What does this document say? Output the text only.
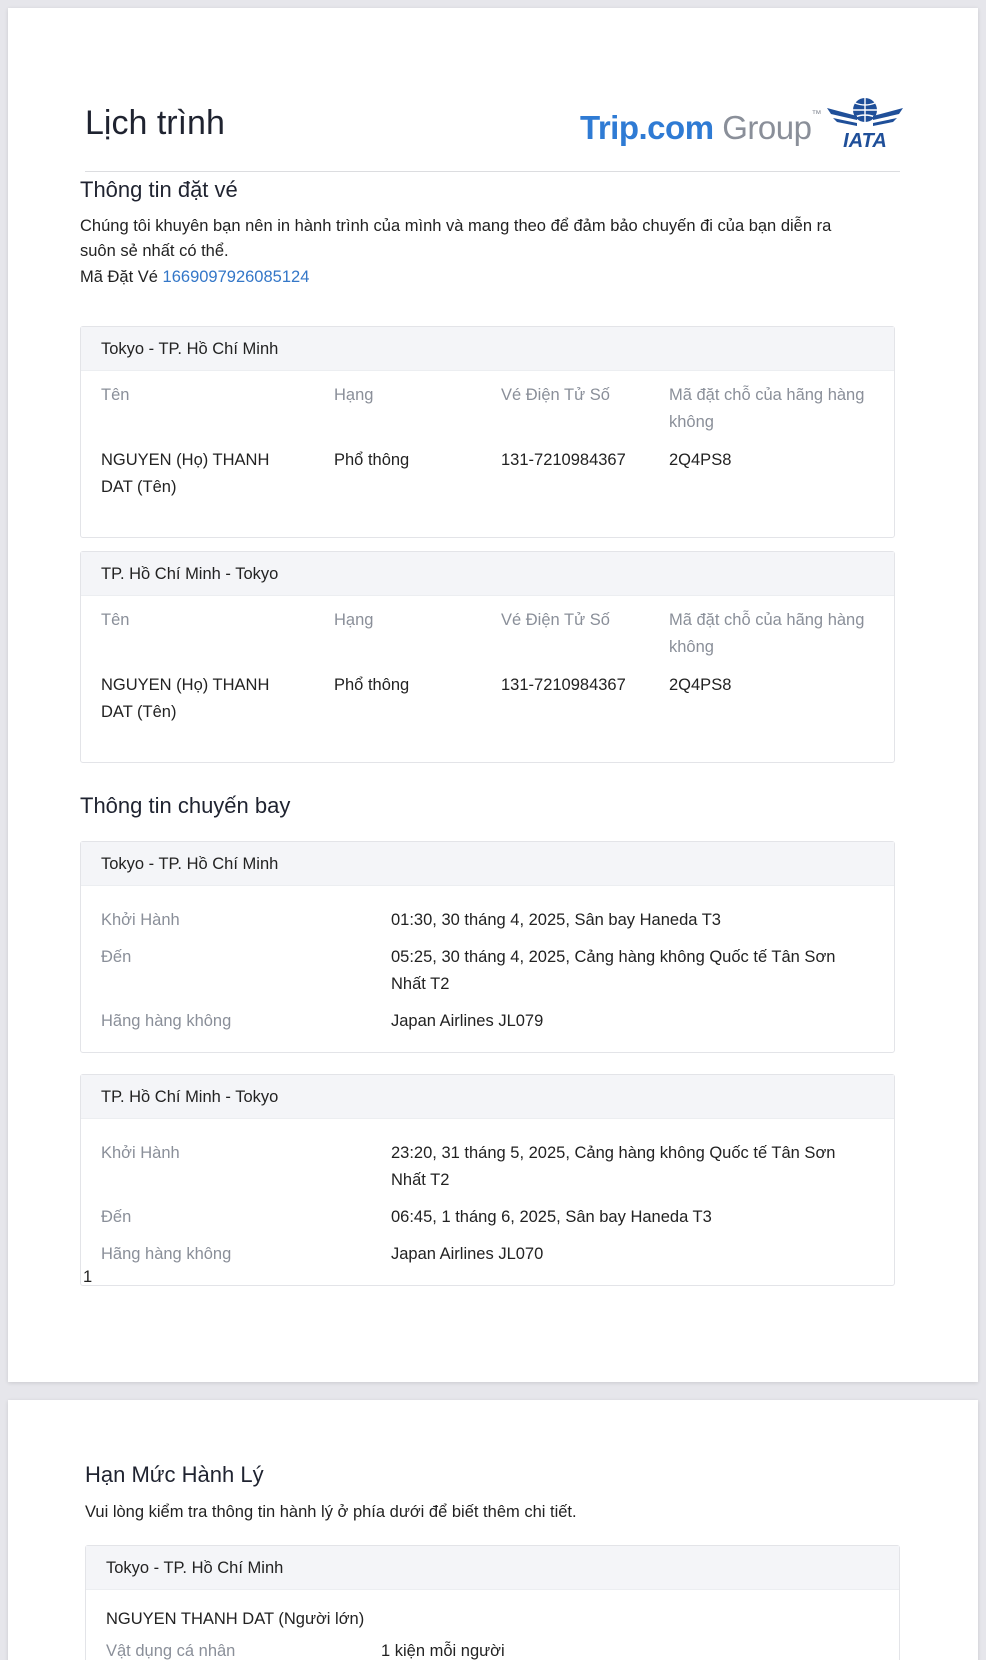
Lịch trình	Trip.com Group™
IATA
Thông tin đặt vé
Chúng tôi khuyên bạn nên in hành trình của mình và mang theo để đảm bảo chuyến đi của bạn diễn ra
suôn sẻ nhất có thể.
Mã Đặt Vé 1669097926085124
Tokyo - TP. Hồ Chí Minh
Tên	Hạng	Vé Điện Tử Số	Mã đặt chỗ của hãng hàng
không
NGUYEN (Họ) THANH
DAT (Tên)
Phổ thông	131-7210984367	2Q4PS8
TP. Hồ Chí Minh - Tokyo
Tên	Hạng	Vé Điện Tử Số	Mã đặt chỗ của hãng hàng
không
NGUYEN (Họ) THANH
DAT (Tên)
Phổ thông	131-7210984367	2Q4PS8
Thông tin chuyến bay
Tokyo - TP. Hồ Chí Minh
Khởi Hành	01:30, 30 tháng 4, 2025, Sân bay Haneda T3
Đến	05:25, 30 tháng 4, 2025, Cảng hàng không Quốc tế Tân Sơn
Nhất T2
Hãng hàng không	Japan Airlines JL079
TP. Hồ Chí Minh - Tokyo
Khởi Hành	23:20, 31 tháng 5, 2025, Cảng hàng không Quốc tế Tân Sơn
Nhất T2
Đến	06:45, 1 tháng 6, 2025, Sân bay Haneda T3
Hãng hàng không	Japan Airlines JL070
1
Hạn Mức Hành Lý
Vui lòng kiểm tra thông tin hành lý ở phía dưới để biết thêm chi tiết.
Tokyo - TP. Hồ Chí Minh
NGUYEN THANH DAT (Người lớn)
Vật dụng cá nhân	1 kiện mỗi người
